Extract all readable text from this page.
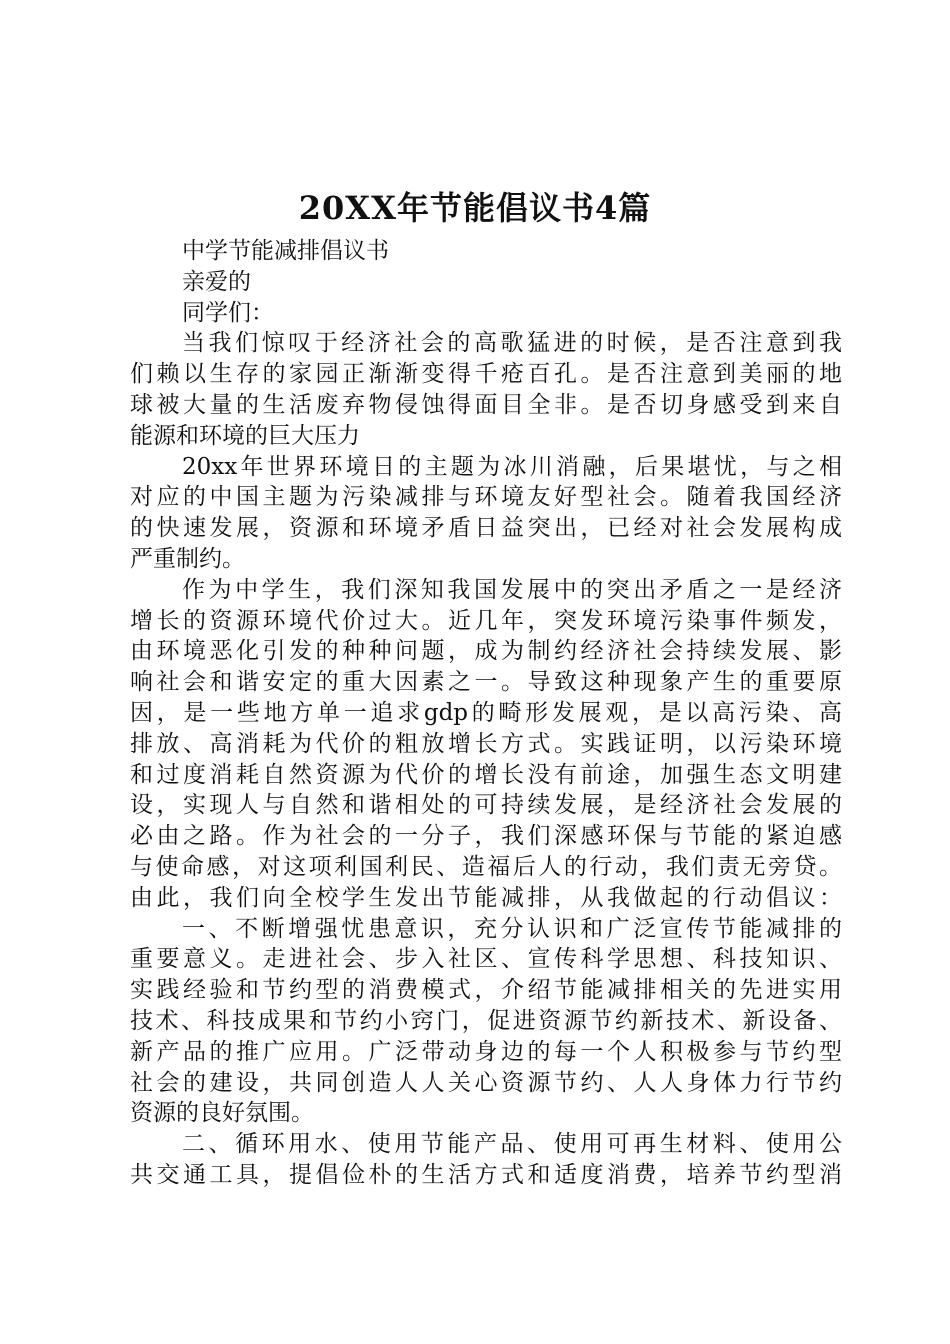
20XX年节能倡议书4篇
中学节能减排倡议书
亲爱的
同学们：
当我们惊叹于经济社会的高歌猛进的时候，是否注意到我
们赖以生存的家园正渐渐变得千疮百孔。是否注意到美丽的地
球被大量的生活废弃物侵蚀得面目全非。是否切身感受到来自
能源和环境的巨大压力
20xx年世界环境日的主题为冰川消融，后果堪忧，与之相
对应的中国主题为污染减排与环境友好型社会。随着我国经济
的快速发展，资源和环境矛盾日益突出，已经对社会发展构成
严重制约。
作为中学生，我们深知我国发展中的突出矛盾之一是经济
增长的资源环境代价过大。近几年，突发环境污染事件频发，
由环境恶化引发的种种问题，成为制约经济社会持续发展、影
响社会和谐安定的重大因素之一。导致这种现象产生的重要原
因，是一些地方单一追求gdp的畸形发展观，是以高污染、高
排放、高消耗为代价的粗放增长方式。实践证明，以污染环境
和过度消耗自然资源为代价的增长没有前途，加强生态文明建
设，实现人与自然和谐相处的可持续发展，是经济社会发展的
必由之路。作为社会的一分子，我们深感环保与节能的紧迫感
与使命感，对这项利国利民、造福后人的行动，我们责无旁贷。
由此，我们向全校学生发出节能减排，从我做起的行动倡议：
一、不断增强忧患意识，充分认识和广泛宣传节能减排的
重要意义。走进社会、步入社区、宣传科学思想、科技知识、
实践经验和节约型的消费模式，介绍节能减排相关的先进实用
技术、科技成果和节约小窍门，促进资源节约新技术、新设备、
新产品的推广应用。广泛带动身边的每一个人积极参与节约型
社会的建设，共同创造人人关心资源节约、人人身体力行节约
资源的良好氛围。
二、循环用水、使用节能产品、使用可再生材料、使用公
共交通工具，提倡俭朴的生活方式和适度消费，培养节约型消
